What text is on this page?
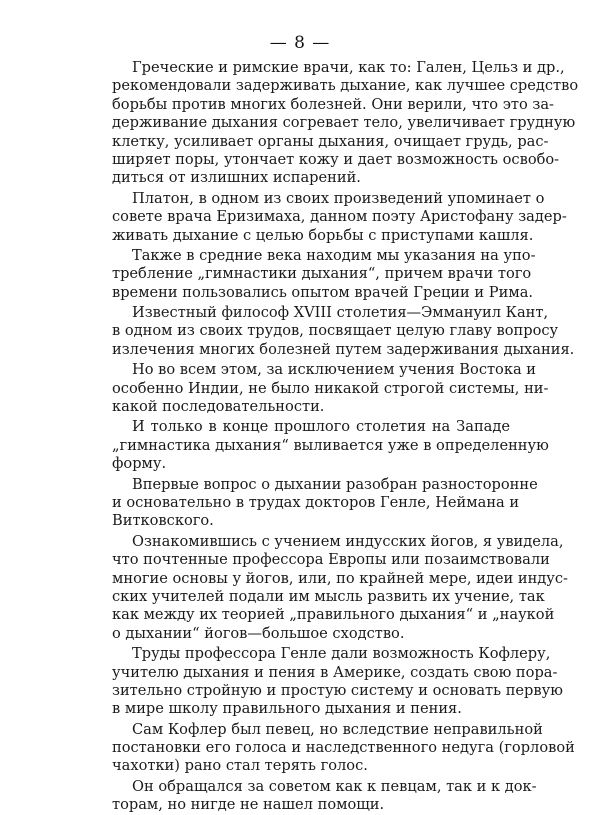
— 8 —
Греческие и римские врачи, как то: Гален, Цельз и др.,
рекомендовали задерживать дыхание, как лучшее средство
борьбы против многих болезней. Они верили, что это за-
держивание дыхания согревает тело, увеличивает грудную
клетку, усиливает органы дыхания, очищает грудь, рас-
ширяет поры, утончает кожу и дает возможность освобо-
диться от излишних испарений.
Платон, в одном из своих произведений упоминает о
совете врача Еризимаха, данном поэту Аристофану задер-
живать дыхание с целью борьбы с приступами кашля.
Также в средние века находим мы указания на упо-
требление „гимнастики дыхания“, причем врачи того
времени пользовались опытом врачей Греции и Рима.
Известный философ XVIII столетия—Эммануил Кант,
в одном из своих трудов, посвящает целую главу вопросу
излечения многих болезней путем задерживания дыхания.
Но во всем этом, за исключением учения Востока и
особенно Индии, не было никакой строгой системы, ни-
какой последовательности.
И только в конце прошлого столетия на Западе
„гимнастика дыхания“ выливается уже в определенную
форму.
Впервые вопрос о дыхании разобран разносторонне
и основательно в трудах докторов Генле, Неймана и
Витковского.
Ознакомившись с учением индусских йогов, я увидела,
что почтенные профессора Европы или позаимствовали
многие основы у йогов, или, по крайней мере, идеи индус-
ских учителей подали им мысль развить их учение, так
как между их теорией „правильного дыхания“ и „наукой
о дыхании“ йогов—большое сходство.
Труды профессора Генле дали возможность Кофлеру,
учителю дыхания и пения в Америке, создать свою пора-
зительно стройную и простую систему и основать первую
в мире школу правильного дыхания и пения.
Сам Кофлер был певец, но вследствие неправильной
постановки его голоса и наследственного недуга (горловой
чахотки) рано стал терять голос.
Он обращался за советом как к певцам, так и к док-
торам, но нигде не нашел помощи.
